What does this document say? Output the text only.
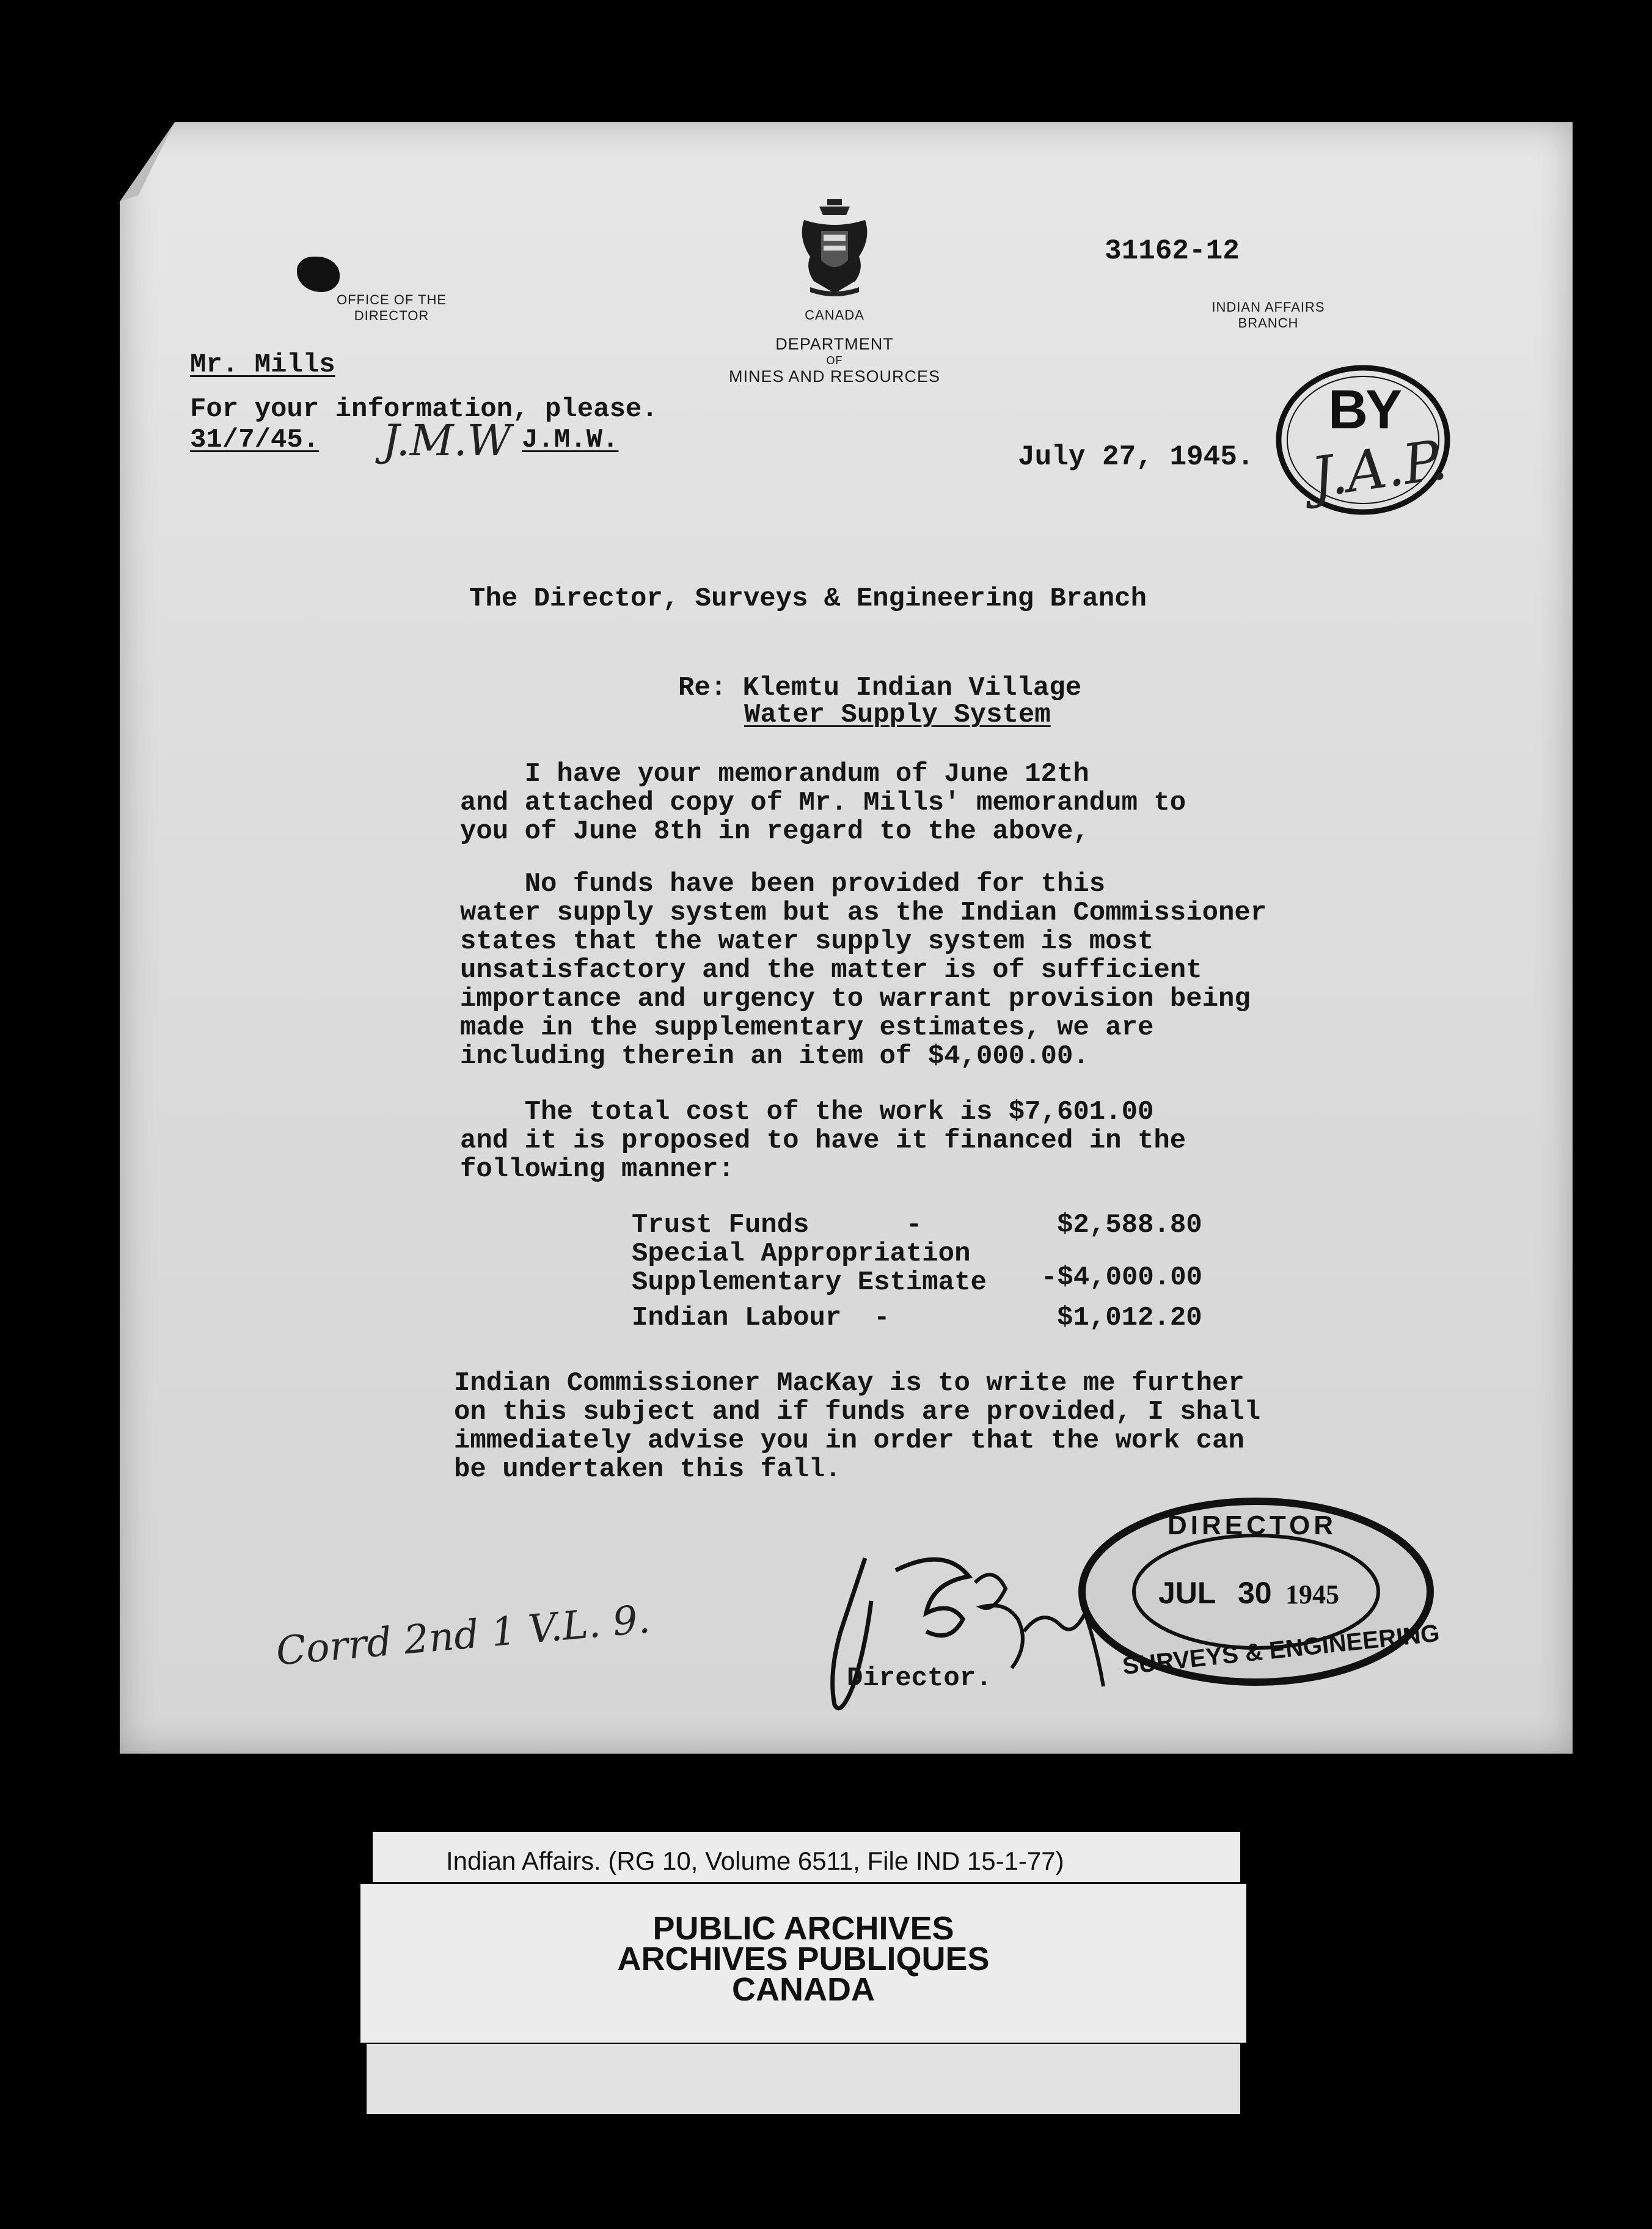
OFFICE OF THE
DIRECTOR	CANADA
DEPARTMENT
OF
MINES AND RESOURCES
31162-12
INDIAN AFFAIRS
BRANCH
Mr. Mills
For your information, please.
31/7/45.	J.M.W.
J.M.W	BY
J.A.P.
July 27, 1945.
The Director, Surveys & Engineering Branch
Re: Klemtu Indian Village
Water Supply System
I have your memorandum of June 12th
and attached copy of Mr. Mills' memorandum to
you of June 8th in regard to the above,
No funds have been provided for this
water supply system but as the Indian Commissioner
states that the water supply system is most
unsatisfactory and the matter is of sufficient
importance and urgency to warrant provision being
made in the supplementary estimates, we are
including therein an item of $4,000.00.
The total cost of the work is $7,601.00
and it is proposed to have it financed in the
following manner:
Trust Funds      -	$2,588.80
Special Appropriation
Supplementary Estimate -$4,000.00
Indian Labour  -	$1,012.20
Indian Commissioner MacKay is to write me further
on this subject and if funds are provided, I shall
immediately advise you in order that the work can
be undertaken this fall.
Corrd 2nd 1 V.L. 9.
Director.
DIRECTOR
JUL 30 1945
SURVEYS & ENGINEERING
Indian Affairs. (RG 10, Volume 6511, File IND 15-1-77)
PUBLIC ARCHIVES
ARCHIVES PUBLIQUES
CANADA
